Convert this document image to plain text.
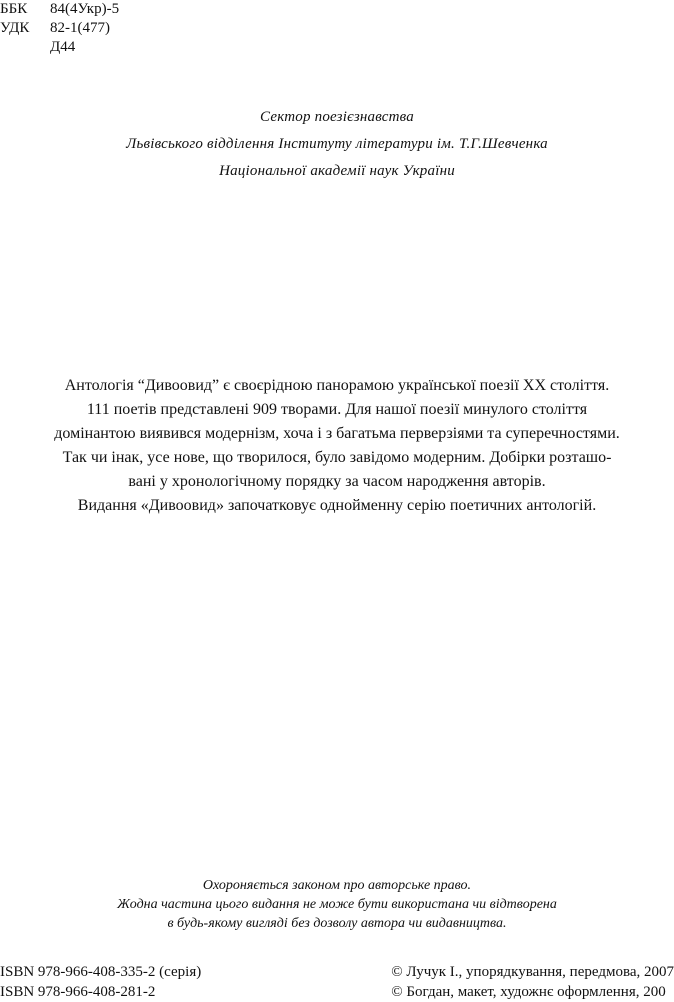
ББК	84(4Укр)-5
УДК	82-1(477)
Д44
Сектор поезієзнавства
Львівського відділення Інституту літератури ім. Т.Г.Шевченка
Національної академії наук України

Антологія “Дивоовид” є своєрідною панорамою української поезії XX століття.

111 поетів представлені 909 творами. Для нашої поезії минулого століття

домінантою виявився модернізм, хоча і з багатьма перверзіями та суперечностями.

Так чи інак, усе нове, що творилося, було завідомо модерним. Добірки розташо-

вані у хронологічному порядку за часом народження авторів.

Видання «Дивоовид» започатковує однойменну серію поетичних антологій.

Охороняється законом про авторське право.

Жодна частина цього видання не може бути використана чи відтворена

в будь-якому вигляді без дозволу автора чи видавництва.

ISBN 978-966-408-335-2 (серія)
ISBN 978-966-408-281-2
© Лучук І., упорядкування, передмова, 2007
© Богдан, макет, художнє оформлення, 200
